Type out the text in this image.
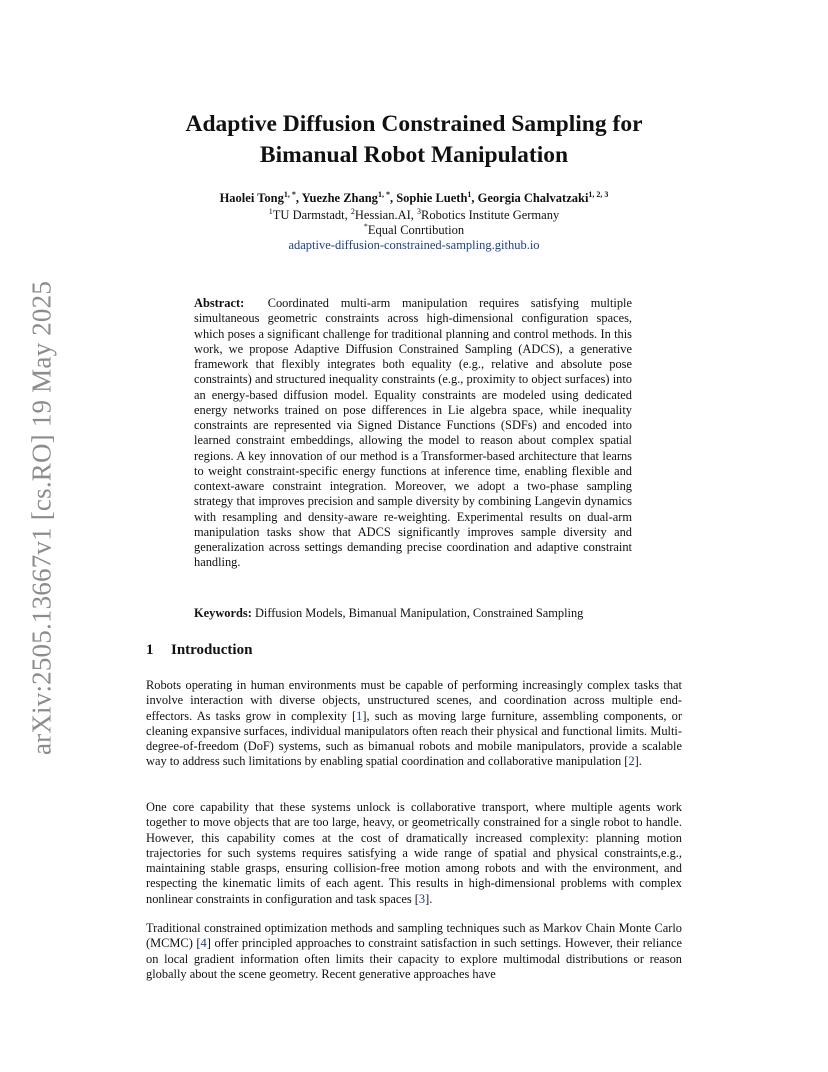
arXiv:2505.13667v1 [cs.RO] 19 May 2025
Adaptive Diffusion Constrained Sampling for
Bimanual Robot Manipulation
Haolei Tong$^{1, *}$, Yuezhe Zhang$^{1, *}$, Sophie Lueth$^1$, Georgia Chalvatzaki$^{1, 2, 3}$
$^1$TU Darmstadt, $^2$Hessian.AI, $^3$Robotics Institute Germany
*Equal Conrtibution
adaptive-diffusion-constrained-sampling.github.io
Abstract: Coordinated multi-arm manipulation requires satisfying multiple simultaneous geometric constraints across high-dimensional configuration spaces, which poses a significant challenge for traditional planning and control methods. In this work, we propose Adaptive Diffusion Constrained Sampling (ADCS), a generative framework that flexibly integrates both equality (e.g., relative and absolute pose constraints) and structured inequality constraints (e.g., proximity to object surfaces) into an energy-based diffusion model. Equality constraints are modeled using dedicated energy networks trained on pose differences in Lie algebra space, while inequality constraints are represented via Signed Distance Functions (SDFs) and encoded into learned constraint embeddings, allowing the model to reason about complex spatial regions. A key innovation of our method is a Transformer-based architecture that learns to weight constraint-specific energy functions at inference time, enabling flexible and context-aware constraint integration. Moreover, we adopt a two-phase sampling strategy that improves precision and sample diversity by combining Langevin dynamics with resampling and density-aware re-weighting. Experimental results on dual-arm manipulation tasks show that ADCS significantly improves sample diversity and generalization across settings demanding precise coordination and adaptive constraint handling.
Keywords: Diffusion Models, Bimanual Manipulation, Constrained Sampling
1 Introduction
Robots operating in human environments must be capable of performing increasingly complex tasks that involve interaction with diverse objects, unstructured scenes, and coordination across multiple end-effectors. As tasks grow in complexity [1], such as moving large furniture, assembling components, or cleaning expansive surfaces, individual manipulators often reach their physical and functional limits. Multi-degree-of-freedom (DoF) systems, such as bimanual robots and mobile manipulators, provide a scalable way to address such limitations by enabling spatial coordination and collaborative manipulation [2].
One core capability that these systems unlock is collaborative transport, where multiple agents work together to move objects that are too large, heavy, or geometrically constrained for a single robot to handle. However, this capability comes at the cost of dramatically increased complexity: planning motion trajectories for such systems requires satisfying a wide range of spatial and physical constraints,e.g., maintaining stable grasps, ensuring collision-free motion among robots and with the environment, and respecting the kinematic limits of each agent. This results in high-dimensional problems with complex nonlinear constraints in configuration and task spaces [3].
Traditional constrained optimization methods and sampling techniques such as Markov Chain Monte Carlo (MCMC) [4] offer principled approaches to constraint satisfaction in such settings. However, their reliance on local gradient information often limits their capacity to explore multimodal distributions or reason globally about the scene geometry. Recent generative approaches have
